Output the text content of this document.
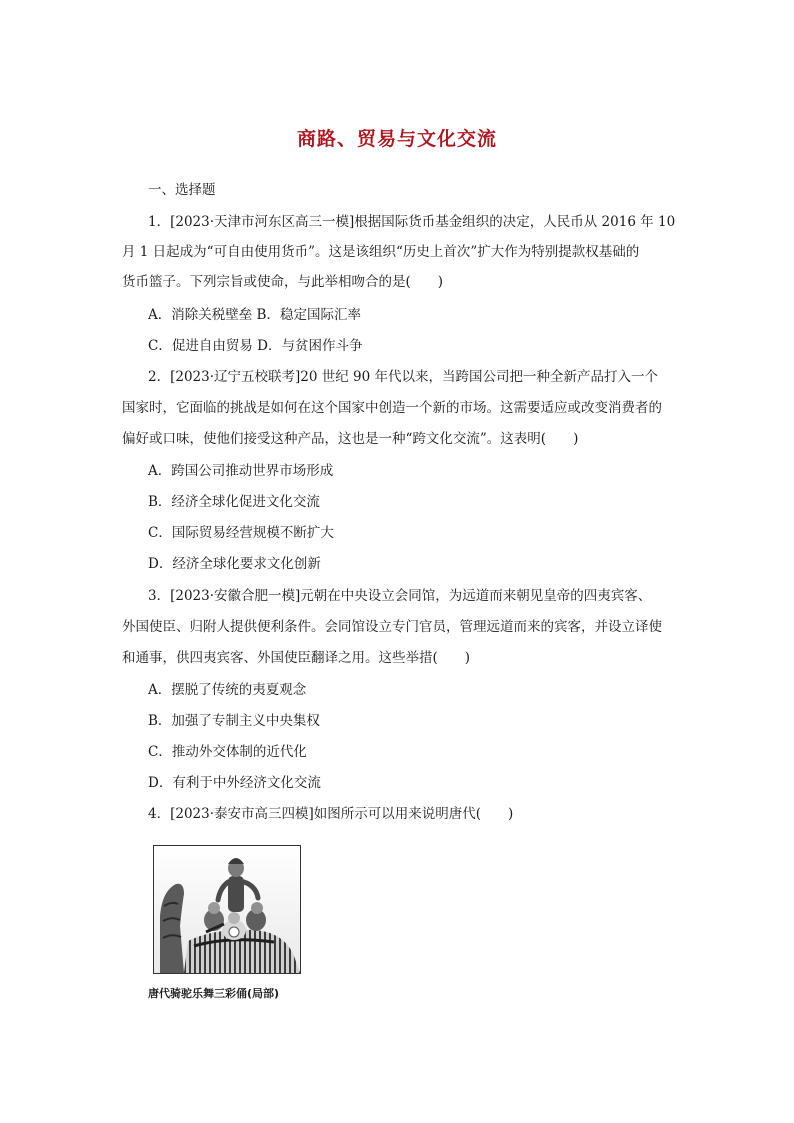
商路、贸易与文化交流
一、选择题
1．[2023·天津市河东区高三一模]根据国际货币基金组织的决定，人民币从 2016 年 10
月 1 日起成为“可自由使用货币”。这是该组织“历史上首次”扩大作为特别提款权基础的
货币篮子。下列宗旨或使命，与此举相吻合的是(　　)
A．消除关税壁垒 B．稳定国际汇率
C．促进自由贸易 D．与贫困作斗争
2．[2023·辽宁五校联考]20 世纪 90 年代以来，当跨国公司把一种全新产品打入一个
国家时，它面临的挑战是如何在这个国家中创造一个新的市场。这需要适应或改变消费者的
偏好或口味，使他们接受这种产品，这也是一种“跨文化交流”。这表明(　　)
A．跨国公司推动世界市场形成
B．经济全球化促进文化交流
C．国际贸易经营规模不断扩大
D．经济全球化要求文化创新
3．[2023·安徽合肥一模]元朝在中央设立会同馆，为远道而来朝见皇帝的四夷宾客、
外国使臣、归附人提供便利条件。会同馆设立专门官员，管理远道而来的宾客，并设立译使
和通事，供四夷宾客、外国使臣翻译之用。这些举措(　　)
A．摆脱了传统的夷夏观念
B．加强了专制主义中央集权
C．推动外交体制的近代化
D．有利于中外经济文化交流
4．[2023·泰安市高三四模]如图所示可以用来说明唐代(　　)
唐代骑驼乐舞三彩俑(局部)
